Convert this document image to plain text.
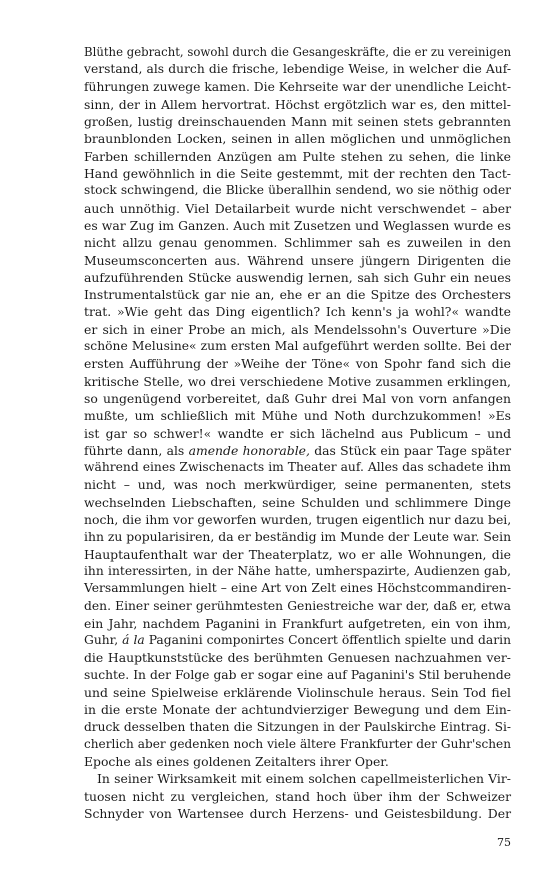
Blüthe gebracht, sowohl durch die Gesangeskräfte, die er zu vereinigen
verstand, als durch die frische, lebendige Weise, in welcher die Auf-
führungen zuwege kamen. Die Kehrseite war der unendliche Leicht-
sinn, der in Allem hervortrat. Höchst ergötzlich war es, den mittel-
großen, lustig dreinschauenden Mann mit seinen stets gebrannten
braunblonden Locken, seinen in allen möglichen und unmöglichen
Farben schillernden Anzügen am Pulte stehen zu sehen, die linke
Hand gewöhnlich in die Seite gestemmt, mit der rechten den Tact-
stock schwingend, die Blicke überallhin sendend, wo sie nöthig oder
auch unnöthig. Viel Detailarbeit wurde nicht verschwendet – aber
es war Zug im Ganzen. Auch mit Zusetzen und Weglassen wurde es
nicht allzu genau genommen. Schlimmer sah es zuweilen in den
Museumsconcerten aus. Während unsere jüngern Dirigenten die
aufzuführenden Stücke auswendig lernen, sah sich Guhr ein neues
Instrumentalstück gar nie an, ehe er an die Spitze des Orchesters
trat. »Wie geht das Ding eigentlich? Ich kenn's ja wohl?« wandte
er sich in einer Probe an mich, als Mendelssohn's Ouverture »Die
schöne Melusine« zum ersten Mal aufgeführt werden sollte. Bei der
ersten Aufführung der »Weihe der Töne« von Spohr fand sich die
kritische Stelle, wo drei verschiedene Motive zusammen erklingen,
so ungenügend vorbereitet, daß Guhr drei Mal von vorn anfangen
mußte, um schließlich mit Mühe und Noth durchzukommen! »Es
ist gar so schwer!« wandte er sich lächelnd aus Publicum – und
führte dann, als amende honorable, das Stück ein paar Tage später
während eines Zwischenacts im Theater auf. Alles das schadete ihm
nicht – und, was noch merkwürdiger, seine permanenten, stets
wechselnden Liebschaften, seine Schulden und schlimmere Dinge
noch, die ihm vor geworfen wurden, trugen eigentlich nur dazu bei,
ihn zu popularisiren, da er beständig im Munde der Leute war. Sein
Hauptaufenthalt war der Theaterplatz, wo er alle Wohnungen, die
ihn interessirten, in der Nähe hatte, umherspazirte, Audienzen gab,
Versammlungen hielt – eine Art von Zelt eines Höchstcommandiren-
den. Einer seiner gerühmtesten Geniestreiche war der, daß er, etwa
ein Jahr, nachdem Paganini in Frankfurt aufgetreten, ein von ihm,
Guhr, á la Paganini componirtes Concert öffentlich spielte und darin
die Hauptkunststücke des berühmten Genuesen nachzuahmen ver-
suchte. In der Folge gab er sogar eine auf Paganini's Stil beruhende
und seine Spielweise erklärende Violinschule heraus. Sein Tod fiel
in die erste Monate der achtundvierziger Bewegung und dem Ein-
druck desselben thaten die Sitzungen in der Paulskirche Eintrag. Si-
cherlich aber gedenken noch viele ältere Frankfurter der Guhr'schen
Epoche als eines goldenen Zeitalters ihrer Oper.
In seiner Wirksamkeit mit einem solchen capellmeisterlichen Vir-
tuosen nicht zu vergleichen, stand hoch über ihm der Schweizer
Schnyder von Wartensee durch Herzens- und Geistesbildung. Der
75
